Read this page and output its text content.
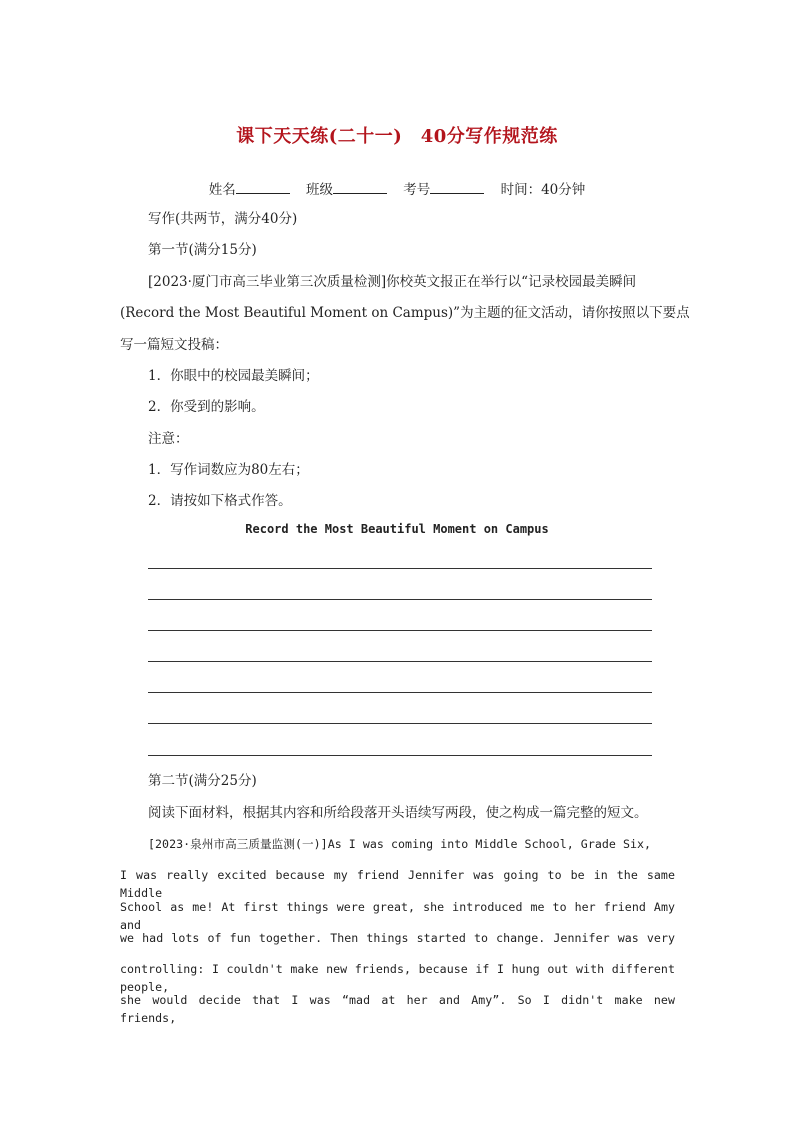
课下天天练(二十一)　40分写作规范练
姓名	班级	考号	时间：40分钟
写作(共两节，满分40分)
第一节(满分15分)
[2023·厦门市高三毕业第三次质量检测]你校英文报正在举行以“记录校园最美瞬间
(Record the Most Beautiful Moment on Campus)”为主题的征文活动，请你按照以下要点
写一篇短文投稿：
1．你眼中的校园最美瞬间；
2．你受到的影响。
注意：
1．写作词数应为80左右；
2．请按如下格式作答。
Record the Most Beautiful Moment on Campus
第二节(满分25分)
阅读下面材料，根据其内容和所给段落开头语续写两段，使之构成一篇完整的短文。
[2023·泉州市高三质量监测(一)]As I was coming into Middle School, Grade Six,
I was really excited because my friend Jennifer was going to be in the same Middle
School as me! At first things were great, she introduced me to her friend Amy and
we had lots of fun together. Then things started to change. Jennifer was very
controlling: I couldn't make new friends, because if I hung out with different people,
she would decide that I was “mad at her and Amy”. So I didn't make new friends,
